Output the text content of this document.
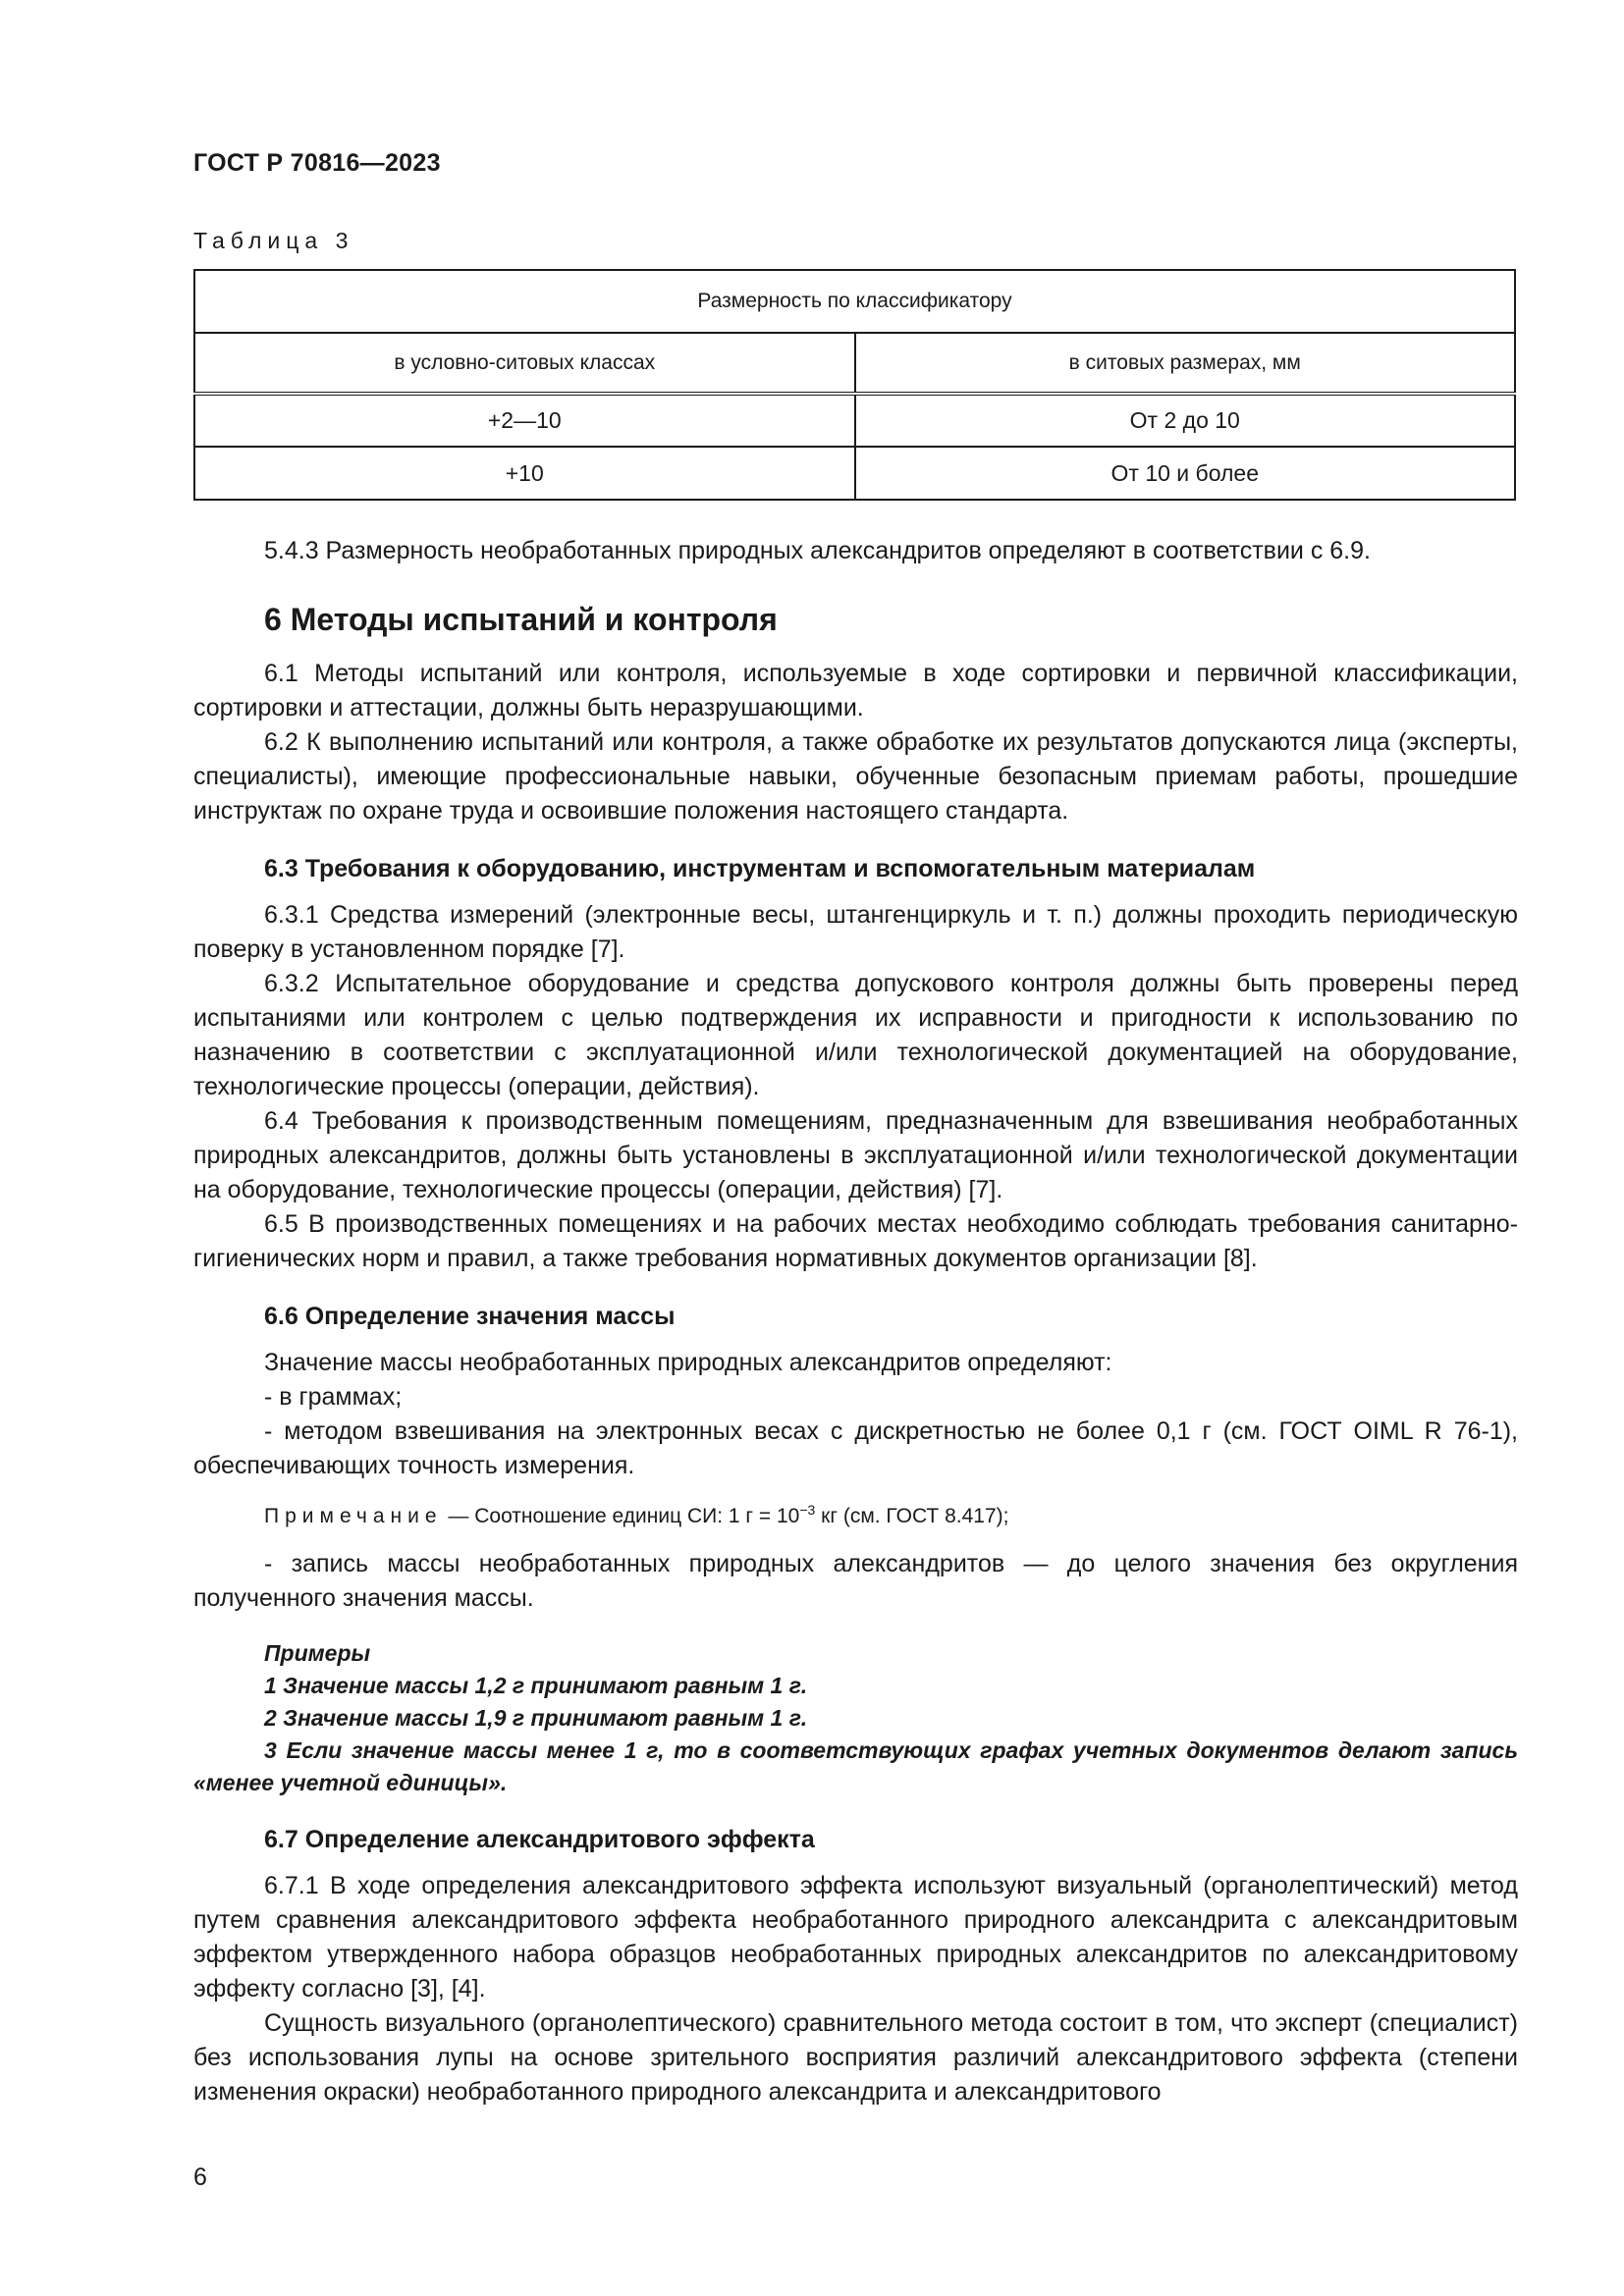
ГОСТ Р 70816—2023
Таблица 3
Размерность по классификатору	
в условно-ситовых классах	в ситовых размерах, мм
+2—10	От 2 до 10
+10	От 10 и более

5.4.3 Размерность необработанных природных александритов определяют в соответствии с 6.9.

6 Методы испытаний и контроля

6.1 Методы испытаний или контроля, используемые в ходе сортировки и первичной классификации, сортировки и аттестации, должны быть неразрушающими.

6.2 К выполнению испытаний или контроля, а также обработке их результатов допускаются лица (эксперты, специалисты), имеющие профессиональные навыки, обученные безопасным приемам работы, прошедшие инструктаж по охране труда и освоившие положения настоящего стандарта.

6.3 Требования к оборудованию, инструментам и вспомогательным материалам

6.3.1 Средства измерений (электронные весы, штангенциркуль и т. п.) должны проходить периодическую поверку в установленном порядке [7].

6.3.2 Испытательное оборудование и средства допускового контроля должны быть проверены перед испытаниями или контролем с целью подтверждения их исправности и пригодности к использованию по назначению в соответствии с эксплуатационной и/или технологической документацией на оборудование, технологические процессы (операции, действия).

6.4 Требования к производственным помещениям, предназначенным для взвешивания необработанных природных александритов, должны быть установлены в эксплуатационной и/или технологической документации на оборудование, технологические процессы (операции, действия) [7].

6.5 В производственных помещениях и на рабочих местах необходимо соблюдать требования санитарно-гигиенических норм и правил, а также требования нормативных документов организации [8].

6.6 Определение значения массы

Значение массы необработанных природных александритов определяют:

- в граммах;

- методом взвешивания на электронных весах с дискретностью не более 0,1 г (см. ГОСТ OIML R 76-1), обеспечивающих точность измерения.

Примечание — Соотношение единиц СИ: 1 $г = 10^{-3}$ кг (см. ГОСТ 8.417);

- запись массы необработанных природных александритов — до целого значения без округления полученного значения массы.

Примеры

1 Значение массы 1,2 г принимают равным 1 г.

2 Значение массы 1,9 г принимают равным 1 г.

3 Если значение массы менее 1 г, то в соответствующих графах учетных документов делают запись «менее учетной единицы».

6.7 Определение александритового эффекта

6.7.1 В ходе определения александритового эффекта используют визуальный (органолептический) метод путем сравнения александритового эффекта необработанного природного александрита с александритовым эффектом утвержденного набора образцов необработанных природных александритов по александритовому эффекту согласно [3], [4].

Сущность визуального (органолептического) сравнительного метода состоит в том, что эксперт (специалист) без использования лупы на основе зрительного восприятия различий александритового эффекта (степени изменения окраски) необработанного природного александрита и александритового

6
